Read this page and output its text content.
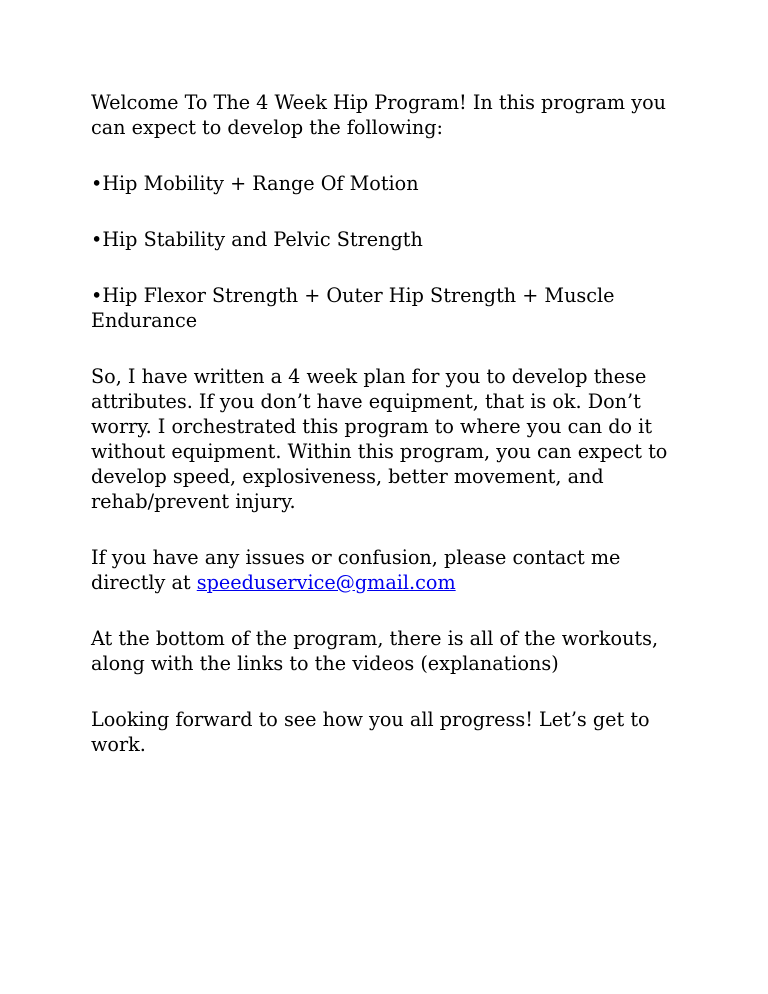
Welcome To The 4 Week Hip Program! In this program you can expect to develop the following:

•Hip Mobility + Range Of Motion

•Hip Stability and Pelvic Strength

•Hip Flexor Strength + Outer Hip Strength + Muscle Endurance

So, I have written a 4 week plan for you to develop these attributes. If you don’t have equipment, that is ok. Don’t worry. I orchestrated this program to where you can do it without equipment. Within this program, you can expect to develop speed, explosiveness, better movement, and rehab/prevent injury.

If you have any issues or confusion, please contact me directly at speeduservice@gmail.com

At the bottom of the program, there is all of the workouts, along with the links to the videos (explanations)

Looking forward to see how you all progress! Let’s get to work.
